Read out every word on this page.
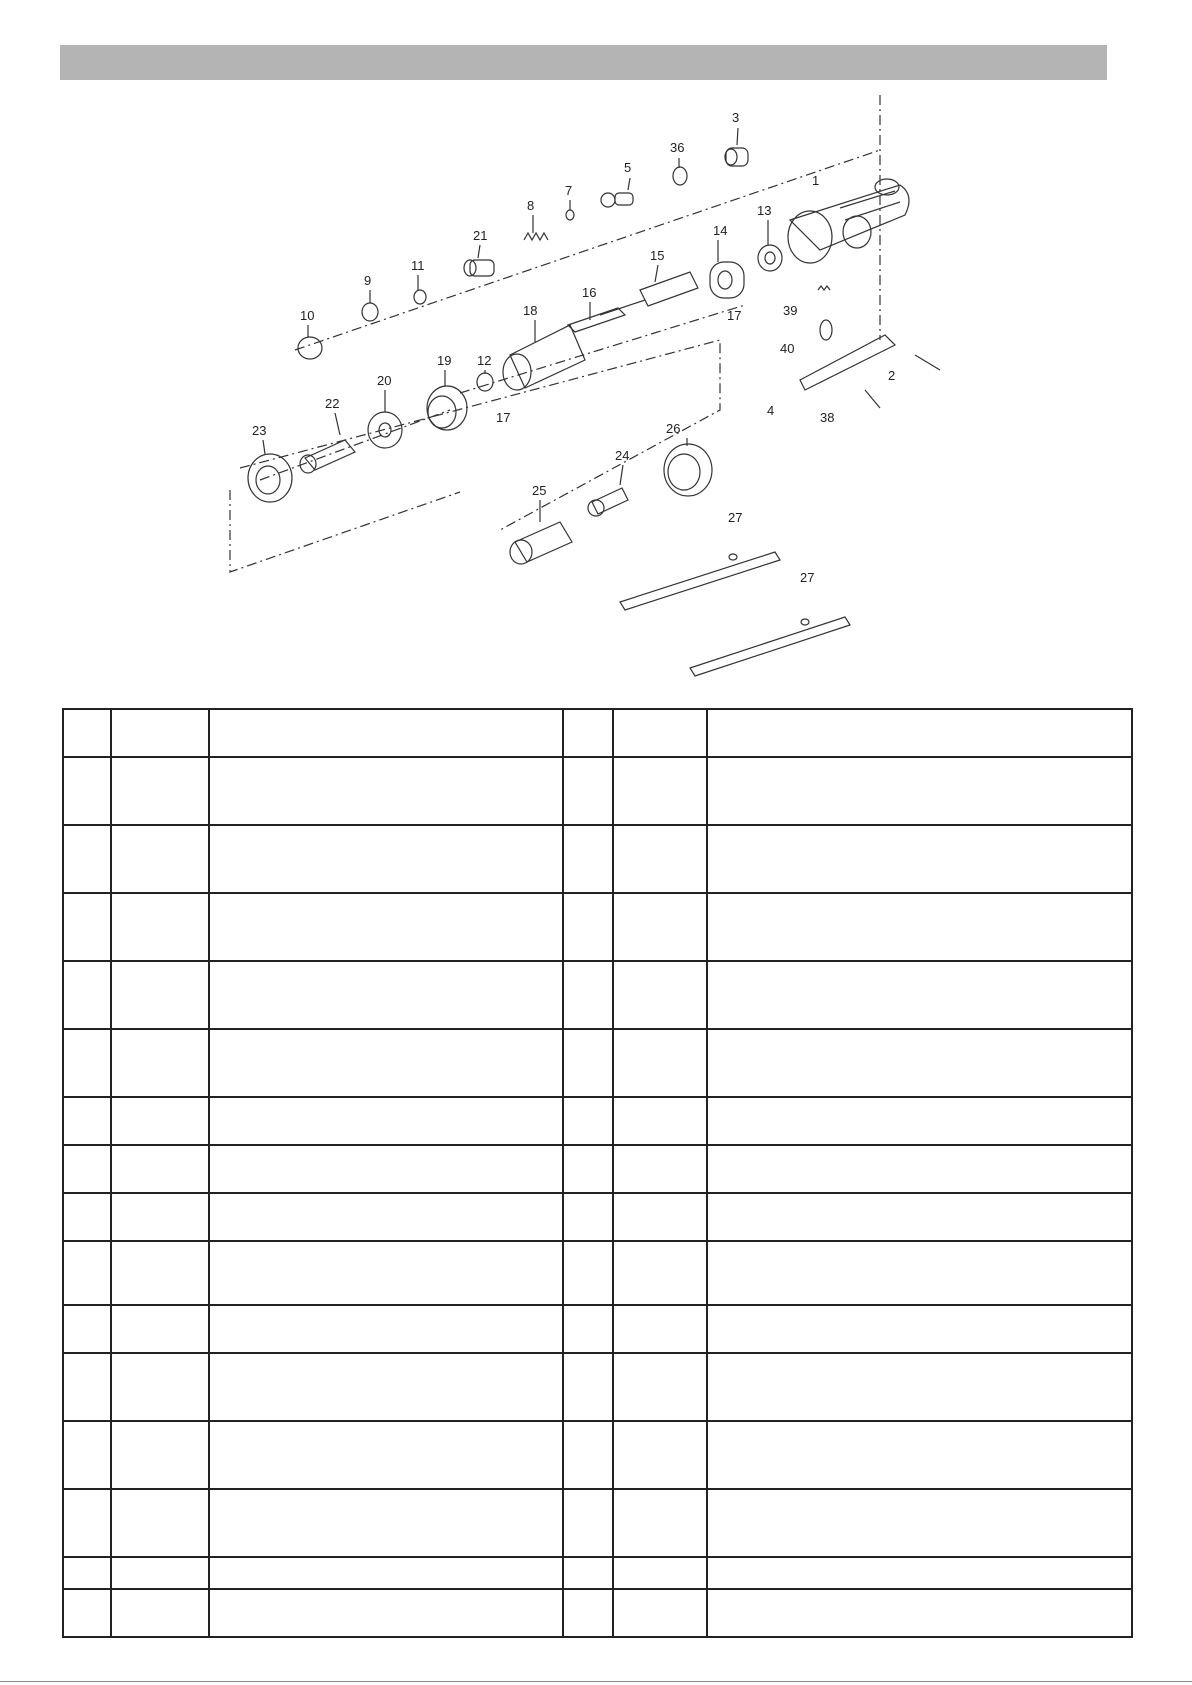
1
2
3
4
5
7
8
9
10
11
12
13
14
15
16
17
17
18
19
20
21
22
23
24
25
26
27
27
36
38
39
40
